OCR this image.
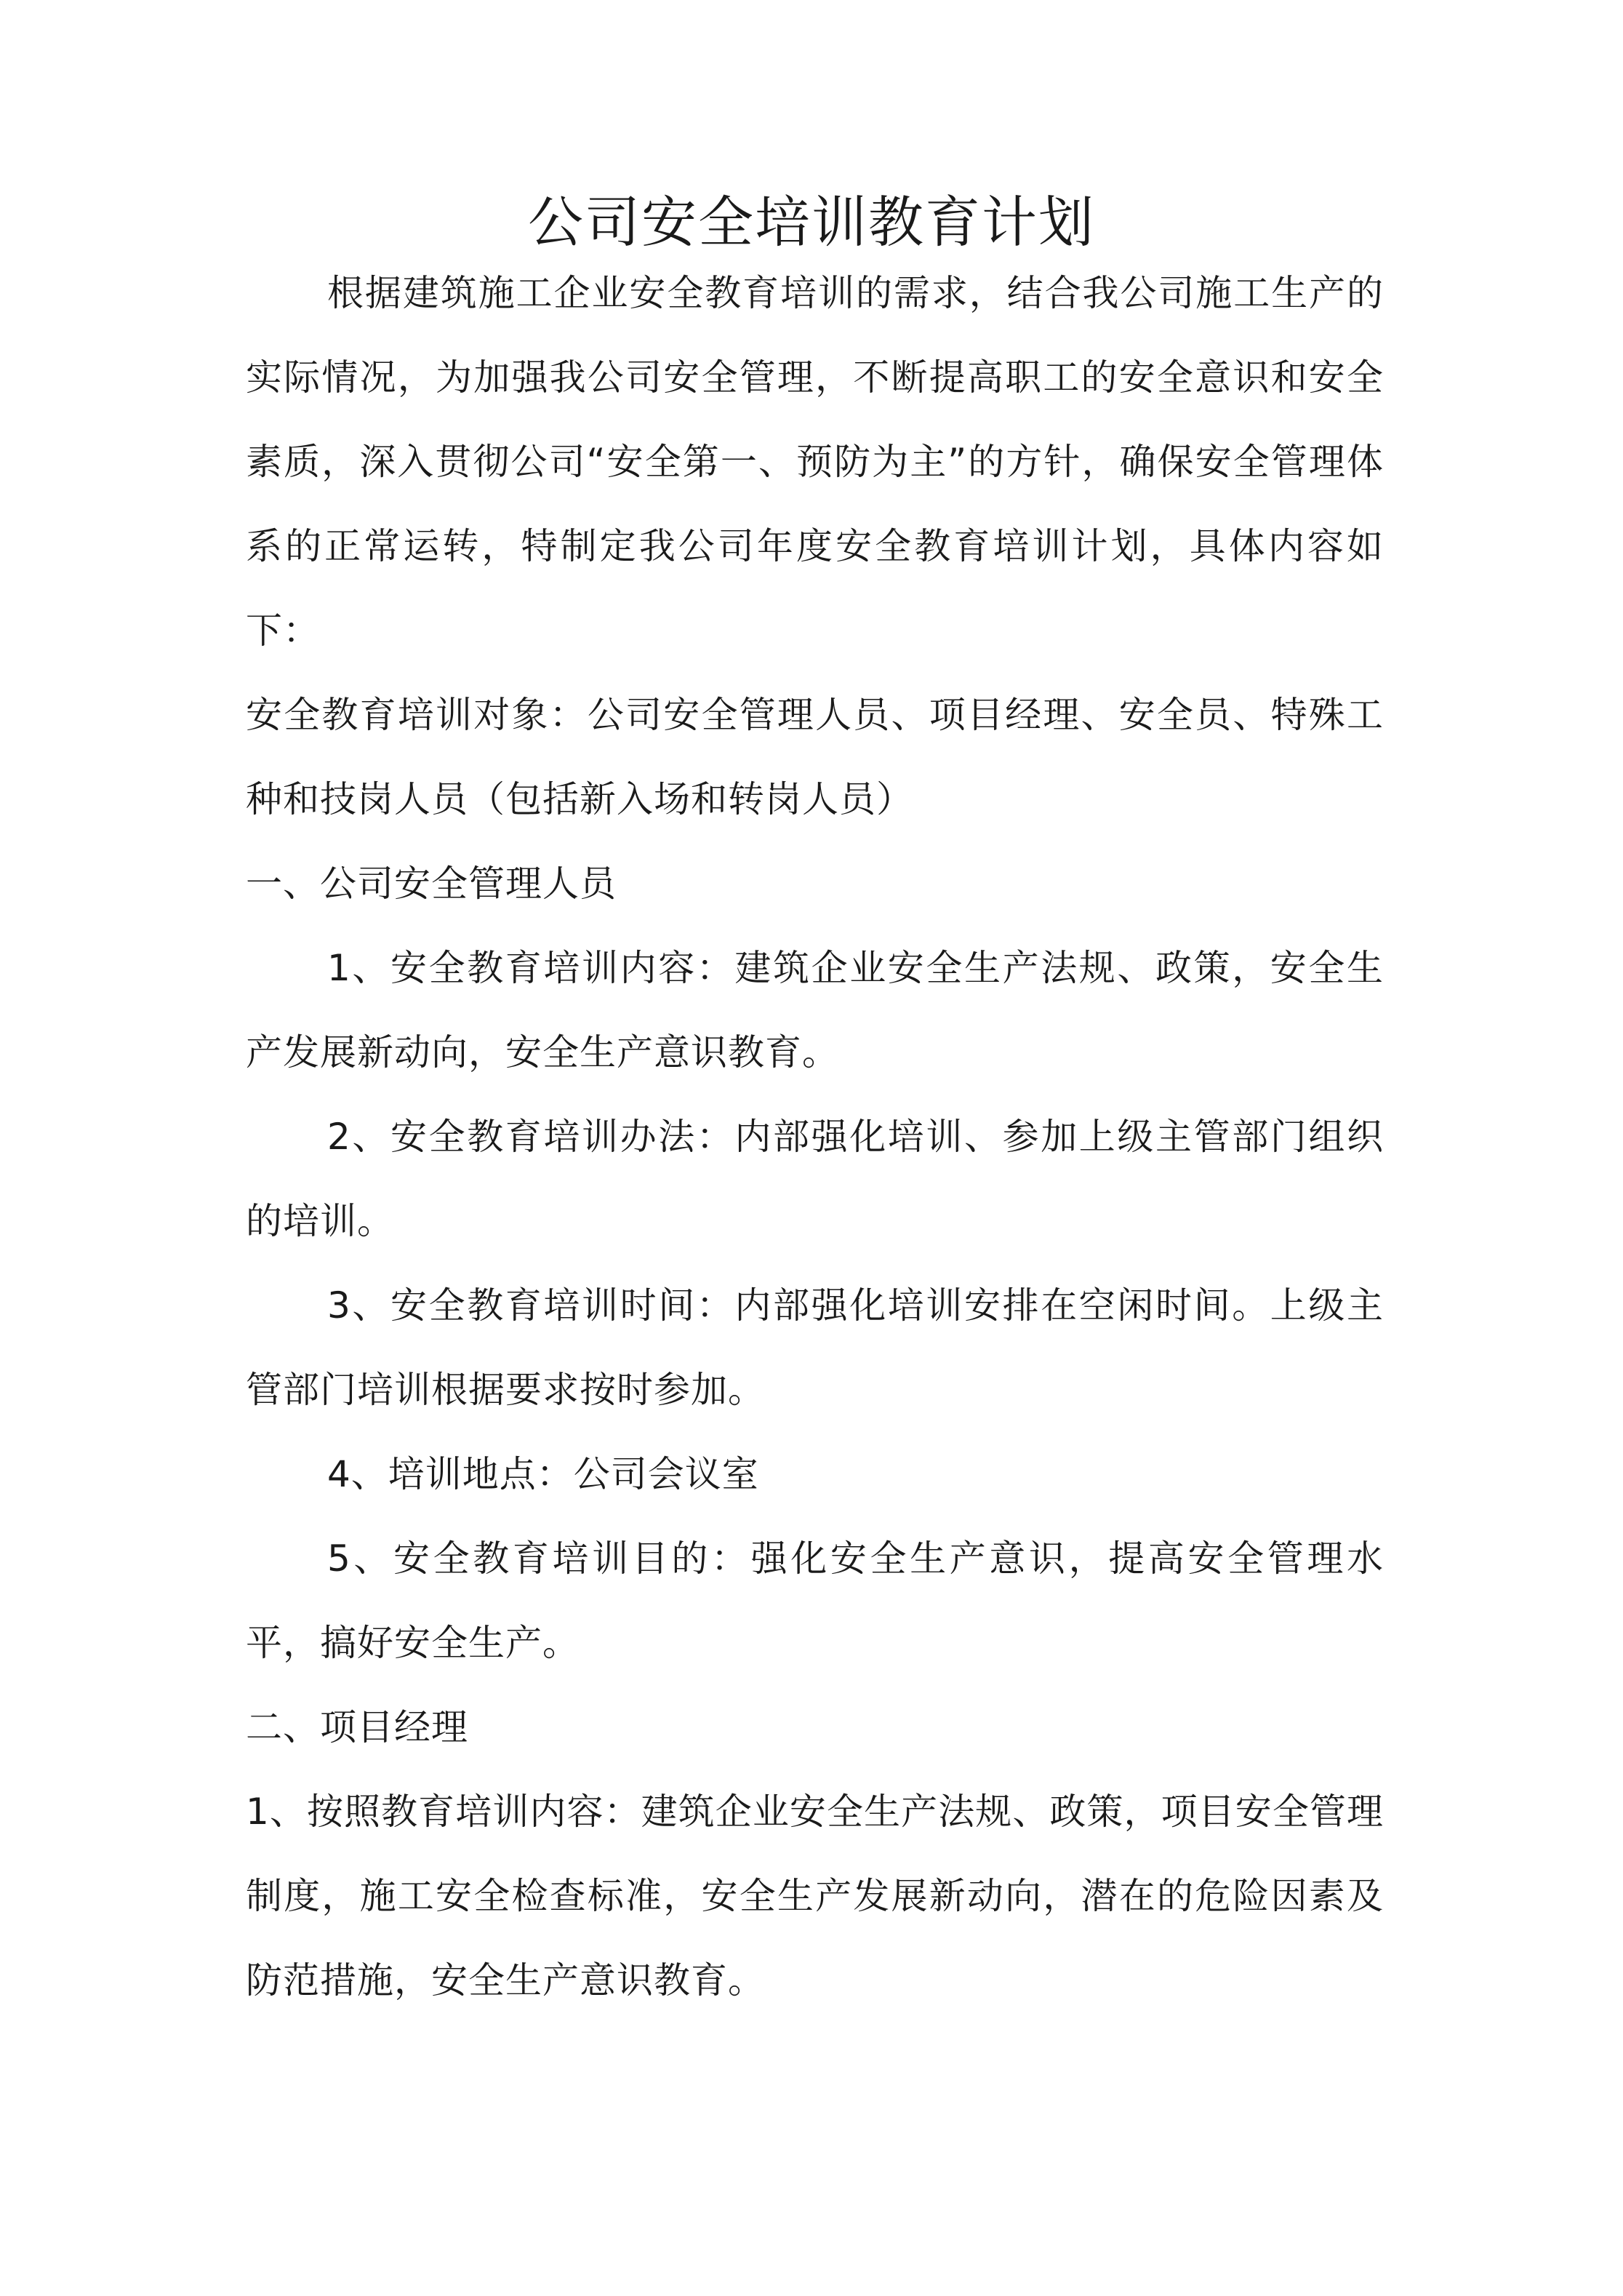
公司安全培训教育计划

根据建筑施工企业安全教育培训的需求，结合我公司施工生产的实际情况，为加强我公司安全管理，不断提高职工的安全意识和安全素质，深入贯彻公司“安全第一、预防为主”的方针，确保安全管理体系的正常运转，特制定我公司年度安全教育培训计划，具体内容如下：

安全教育培训对象：公司安全管理人员、项目经理、安全员、特殊工种和技岗人员（包括新入场和转岗人员）

一、公司安全管理人员

1、安全教育培训内容：建筑企业安全生产法规、政策，安全生产发展新动向，安全生产意识教育。

2、安全教育培训办法：内部强化培训、参加上级主管部门组织的培训。

3、安全教育培训时间：内部强化培训安排在空闲时间。上级主管部门培训根据要求按时参加。

4、培训地点：公司会议室

5、安全教育培训目的：强化安全生产意识，提高安全管理水平，搞好安全生产。

二、项目经理

1、按照教育培训内容：建筑企业安全生产法规、政策，项目安全管理制度，施工安全检查标准，安全生产发展新动向，潜在的危险因素及防范措施，安全生产意识教育。
